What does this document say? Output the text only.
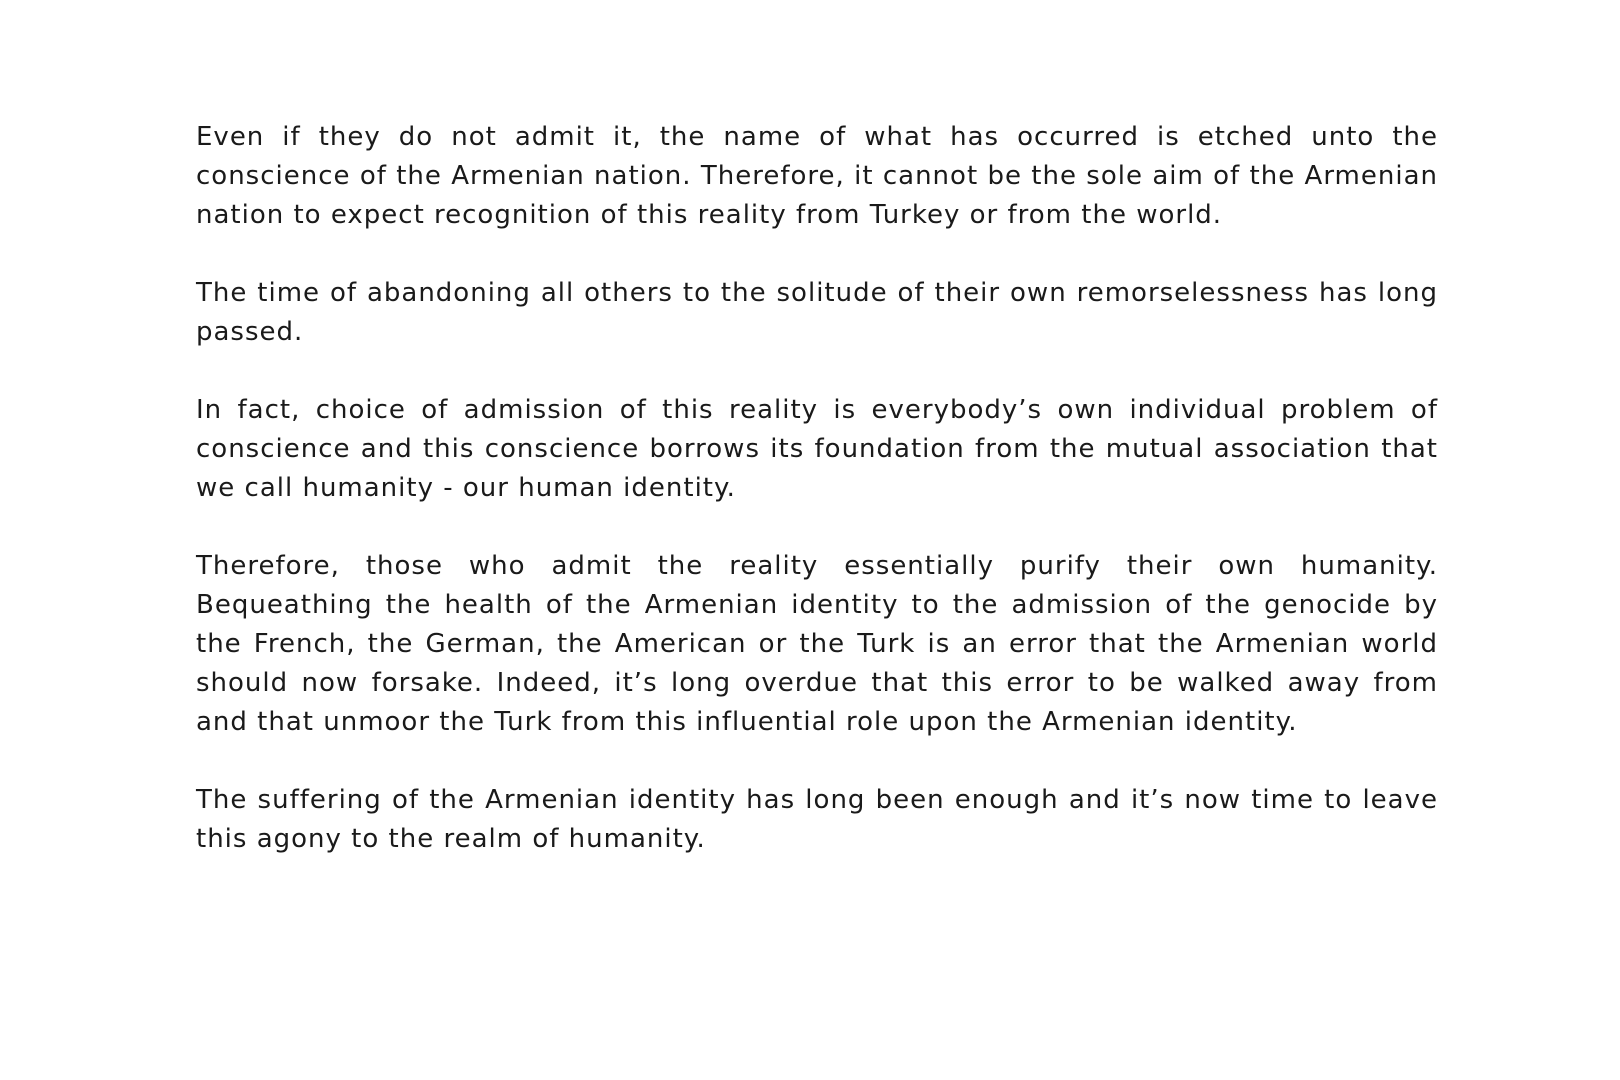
Even if they do not admit it, the name of what has occurred is etched unto the conscience of the Armenian nation. Therefore, it cannot be the sole aim of the Armenian nation to expect recognition of this reality from Turkey or from the world.

The time of abandoning all others to the solitude of their own remorselessness has long passed.

In fact, choice of admission of this reality is everybody’s own individual problem of conscience and this conscience borrows its foundation from the mutual association that we call humanity - our human identity.

Therefore, those who admit the reality essentially purify their own humanity. Bequeathing the health of the Armenian identity to the admission of the genocide by the French, the German, the American or the Turk is an error that the Armenian world should now forsake. Indeed, it’s long overdue that this error to be walked away from and that unmoor the Turk from this influential role upon the Armenian identity.

The suffering of the Armenian identity has long been enough and it’s now time to leave this agony to the realm of humanity.
